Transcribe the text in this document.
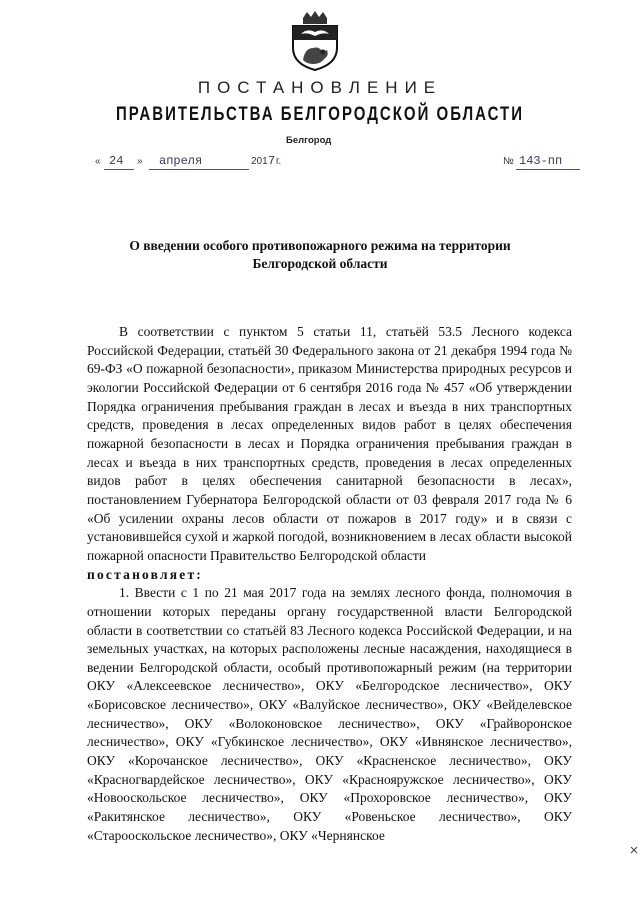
ПОСТАНОВЛЕНИЕ
ПРАВИТЕЛЬСТВА БЕЛГОРОДСКОЙ ОБЛАСТИ
Белгород
« 24 » апреля	201 7 г.	№ 143-пп
О введении особого противопожарного режима на территории
Белгородской области

В соответствии с пунктом 5 статьи 11, статьёй 53.5 Лесного кодекса Российской Федерации, статьёй 30 Федерального закона от 21 декабря 1994 года № 69-ФЗ «О пожарной безопасности», приказом Министерства природных ресурсов и экологии Российской Федерации от 6 сентября 2016 года № 457 «Об утверждении Порядка ограничения пребывания граждан в лесах и въезда в них транспортных средств, проведения в лесах определенных видов работ в целях обеспечения пожарной безопасности в лесах и Порядка ограничения пребывания граждан в лесах и въезда в них транспортных средств, проведения в лесах определенных видов работ в целях обеспечения санитарной безопасности в лесах», постановлением Губернатора Белгородской области от 03 февраля 2017 года № 6 «Об усилении охраны лесов области от пожаров в 2017 году» и в связи с установившейся сухой и жаркой погодой, возникновением в лесах области высокой пожарной опасности Правительство Белгородской области
постановляет:

1. Ввести с 1 по 21 мая 2017 года на землях лесного фонда, полномочия в отношении которых переданы органу государственной власти Белгородской области в соответствии со статьёй 83 Лесного кодекса Российской Федерации, и на земельных участках, на которых расположены лесные насаждения, находящиеся в ведении Белгородской области, особый противопожарный режим (на территории ОКУ «Алексеевское лесничество», ОКУ «Белгородское лесничество», ОКУ «Борисовское лесничество», ОКУ «Валуйское лесничество», ОКУ «Вейделевское лесничество», ОКУ «Волоконовское лесничество», ОКУ «Грайворонское лесничество», ОКУ «Губкинское лесничество», ОКУ «Ивнянское лесничество», ОКУ «Корочанское лесничество», ОКУ «Красненское лесничество», ОКУ «Красногвардейское лесничество», ОКУ «Краснояружское лесничество», ОКУ «Новооскольское лесничество», ОКУ «Прохоровское лесничество», ОКУ «Ракитянское лесничество», ОКУ «Ровеньское лесничество», ОКУ «Старооскольское лесничество», ОКУ «Чернянское
